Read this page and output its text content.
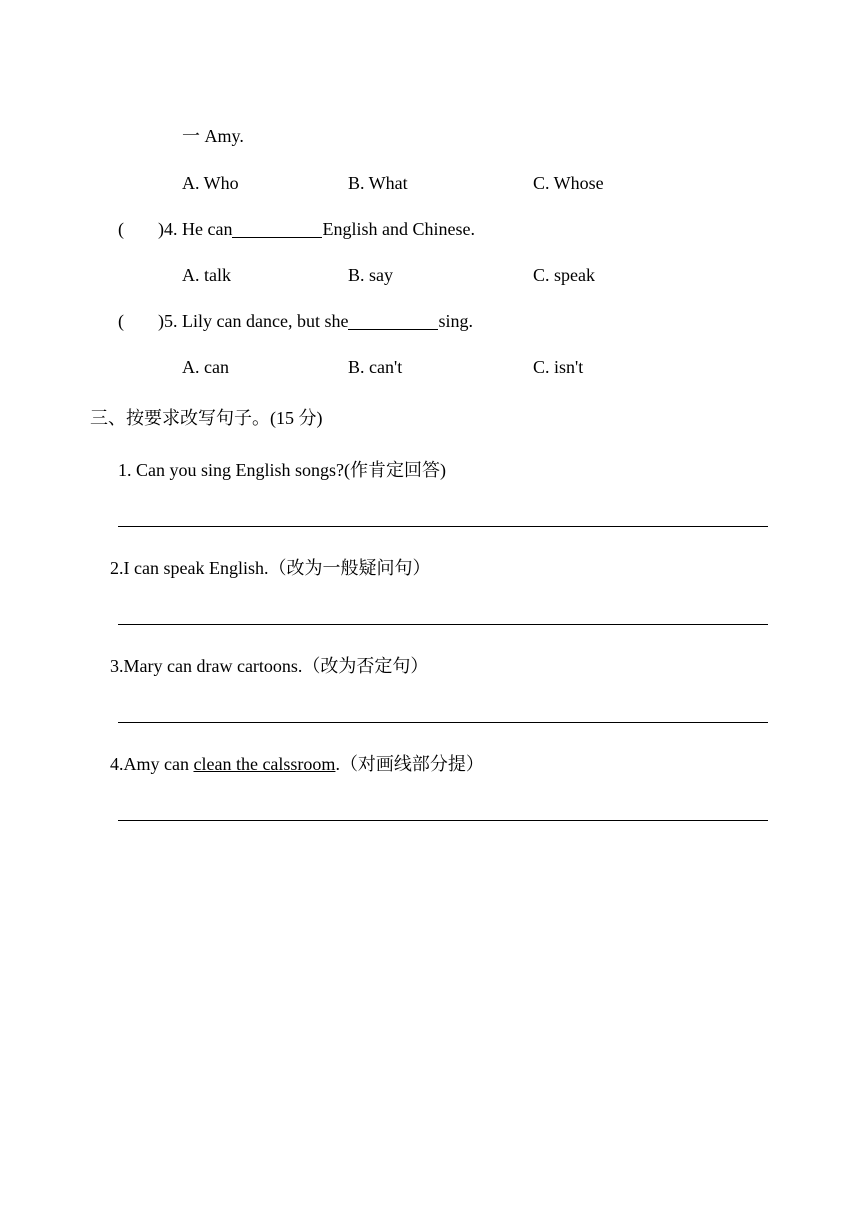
一 Amy.
A. Who	B. What	C. Whose
( )4. He can	English and Chinese.
A. talk	B. say	C. speak
( )5. Lily can dance, but she	sing.
A. can	B. can't	C. isn't
三、按要求改写句子。(15 分)
1. Can you sing English songs?(作肯定回答)
2.I can speak English.（改为一般疑问句）
3.Mary can draw cartoons.（改为否定句）
4.Amy can clean the calssroom.（对画线部分提）
